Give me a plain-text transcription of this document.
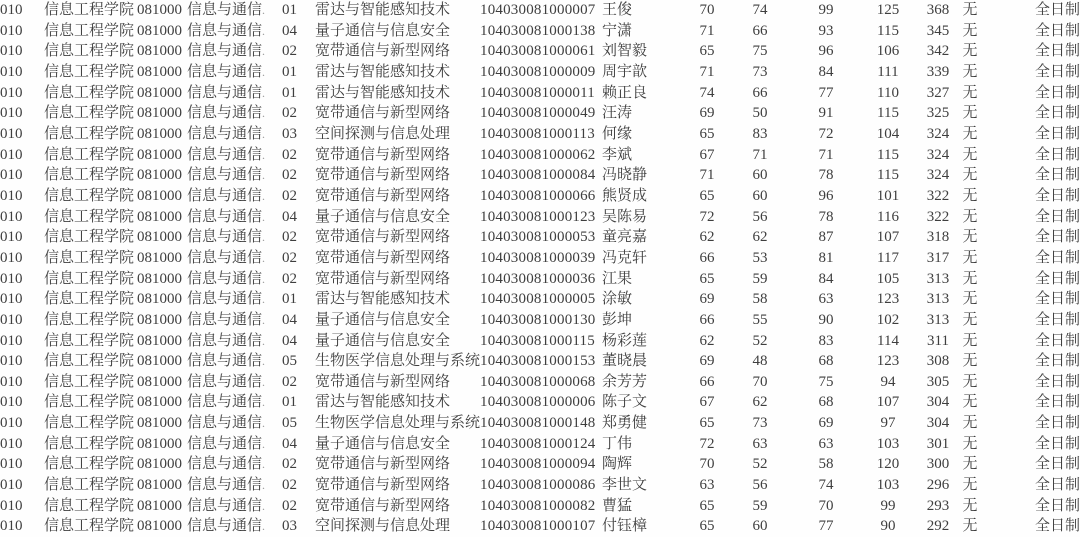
010	信息工程学院	081000	信息与通信.	01	雷达与智能感知技术	104030081000007	王俊	70	74	99	125	368	无	全日制
010	信息工程学院	081000	信息与通信.	04	量子通信与信息安全	104030081000138	宁潇	71	66	93	115	345	无	全日制
010	信息工程学院	081000	信息与通信.	02	宽带通信与新型网络	104030081000061	刘智毅	65	75	96	106	342	无	全日制
010	信息工程学院	081000	信息与通信.	01	雷达与智能感知技术	104030081000009	周宇歆	71	73	84	111	339	无	全日制
010	信息工程学院	081000	信息与通信.	01	雷达与智能感知技术	104030081000011	赖正良	74	66	77	110	327	无	全日制
010	信息工程学院	081000	信息与通信.	02	宽带通信与新型网络	104030081000049	汪涛	69	50	91	115	325	无	全日制
010	信息工程学院	081000	信息与通信.	03	空间探测与信息处理	104030081000113	何缘	65	83	72	104	324	无	全日制
010	信息工程学院	081000	信息与通信.	02	宽带通信与新型网络	104030081000062	李斌	67	71	71	115	324	无	全日制
010	信息工程学院	081000	信息与通信.	02	宽带通信与新型网络	104030081000084	冯晓静	71	60	78	115	324	无	全日制
010	信息工程学院	081000	信息与通信.	02	宽带通信与新型网络	104030081000066	熊贤成	65	60	96	101	322	无	全日制
010	信息工程学院	081000	信息与通信.	04	量子通信与信息安全	104030081000123	吴陈易	72	56	78	116	322	无	全日制
010	信息工程学院	081000	信息与通信.	02	宽带通信与新型网络	104030081000053	童亮嘉	62	62	87	107	318	无	全日制
010	信息工程学院	081000	信息与通信.	02	宽带通信与新型网络	104030081000039	冯克轩	66	53	81	117	317	无	全日制
010	信息工程学院	081000	信息与通信.	02	宽带通信与新型网络	104030081000036	江果	65	59	84	105	313	无	全日制
010	信息工程学院	081000	信息与通信.	01	雷达与智能感知技术	104030081000005	涂敏	69	58	63	123	313	无	全日制
010	信息工程学院	081000	信息与通信.	04	量子通信与信息安全	104030081000130	彭坤	66	55	90	102	313	无	全日制
010	信息工程学院	081000	信息与通信.	04	量子通信与信息安全	104030081000115	杨彩莲	62	52	83	114	311	无	全日制
010	信息工程学院	081000	信息与通信.	05	生物医学信息处理与系统	104030081000153	董晓晨	69	48	68	123	308	无	全日制
010	信息工程学院	081000	信息与通信.	02	宽带通信与新型网络	104030081000068	余芳芳	66	70	75	94	305	无	全日制
010	信息工程学院	081000	信息与通信.	01	雷达与智能感知技术	104030081000006	陈子文	67	62	68	107	304	无	全日制
010	信息工程学院	081000	信息与通信.	05	生物医学信息处理与系统	104030081000148	郑勇健	65	73	69	97	304	无	全日制
010	信息工程学院	081000	信息与通信.	04	量子通信与信息安全	104030081000124	丁伟	72	63	63	103	301	无	全日制
010	信息工程学院	081000	信息与通信.	02	宽带通信与新型网络	104030081000094	陶辉	70	52	58	120	300	无	全日制
010	信息工程学院	081000	信息与通信.	02	宽带通信与新型网络	104030081000086	李世文	63	56	74	103	296	无	全日制
010	信息工程学院	081000	信息与通信.	02	宽带通信与新型网络	104030081000082	曹猛	65	59	70	99	293	无	全日制
010	信息工程学院	081000	信息与通信.	03	空间探测与信息处理	104030081000107	付钰樟	65	60	77	90	292	无	全日制
